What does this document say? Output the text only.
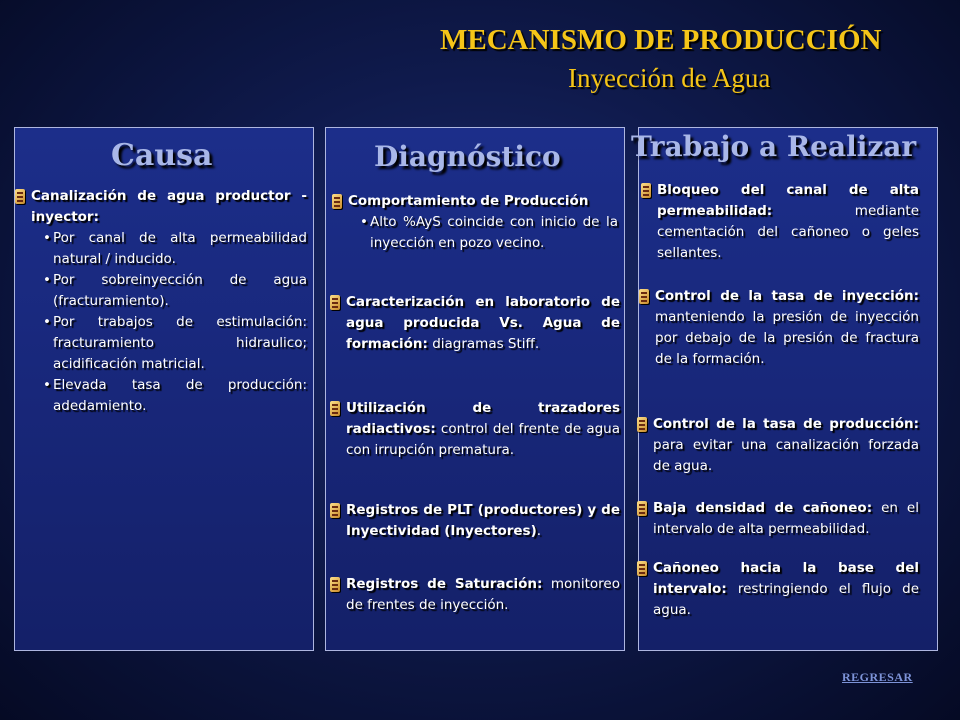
MECANISMO DE PRODUCCIÓN
Inyección de Agua
Causa
Canalización de agua productor - inyector:
• Por canal de alta permeabilidad natural / inducido.
• Por sobreinyección de agua (fracturamiento).
• Por trabajos de estimulación: fracturamiento hidraulico; acidificación matricial.
• Elevada tasa de producción: adedamiento.
Diagnóstico
Comportamiento de Producción
• Alto %AyS coincide con inicio de la inyección en pozo vecino.
Caracterización en laboratorio de agua producida Vs. Agua de formación: diagramas Stiff.
Utilización de trazadores radiactivos: control del frente de agua con irrupción prematura.
Registros de PLT (productores) y de Inyectividad (Inyectores).
Registros de Saturación: monitoreo de frentes de inyección.
Trabajo a Realizar
Bloqueo del canal de alta permeabilidad: mediante cementación del cañoneo o geles sellantes.
Control de la tasa de inyección: manteniendo la presión de inyección por debajo de la presión de fractura de la formación.
Control de la tasa de producción: para evitar una canalización forzada de agua.
Baja densidad de cañoneo: en el intervalo de alta permeabilidad.
Cañoneo hacia la base del intervalo: restringiendo el flujo de agua.
REGRESAR
